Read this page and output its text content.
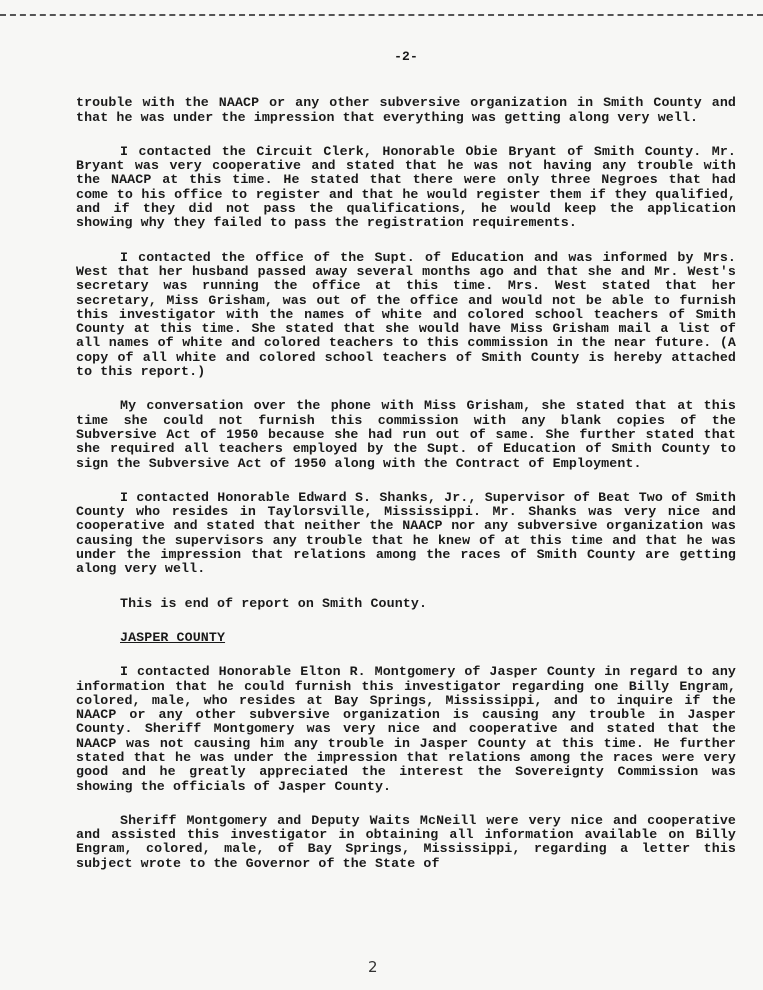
-2-

trouble with the NAACP or any other subversive organization in Smith County and that he was under the impression that everything was getting along very well.

I contacted the Circuit Clerk, Honorable Obie Bryant of Smith County. Mr. Bryant was very cooperative and stated that he was not having any trouble with the NAACP at this time. He stated that there were only three Negroes that had come to his office to register and that he would register them if they qualified, and if they did not pass the qualifications, he would keep the application showing why they failed to pass the registration requirements.

I contacted the office of the Supt. of Education and was informed by Mrs. West that her husband passed away several months ago and that she and Mr. West's secretary was running the office at this time. Mrs. West stated that her secretary, Miss Grisham, was out of the office and would not be able to furnish this investigator with the names of white and colored school teachers of Smith County at this time. She stated that she would have Miss Grisham mail a list of all names of white and colored teachers to this commission in the near future. (A copy of all white and colored school teachers of Smith County is hereby attached to this report.)

My conversation over the phone with Miss Grisham, she stated that at this time she could not furnish this commission with any blank copies of the Subversive Act of 1950 because she had run out of same. She further stated that she required all teachers employed by the Supt. of Education of Smith County to sign the Subversive Act of 1950 along with the Contract of Employment.

I contacted Honorable Edward S. Shanks, Jr., Supervisor of Beat Two of Smith County who resides in Taylorsville, Mississippi. Mr. Shanks was very nice and cooperative and stated that neither the NAACP nor any subversive organization was causing the supervisors any trouble that he knew of at this time and that he was under the impression that relations among the races of Smith County are getting along very well.

This is end of report on Smith County.

JASPER COUNTY

I contacted Honorable Elton R. Montgomery of Jasper County in regard to any information that he could furnish this investigator regarding one Billy Engram, colored, male, who resides at Bay Springs, Mississippi, and to inquire if the NAACP or any other subversive organization is causing any trouble in Jasper County. Sheriff Montgomery was very nice and cooperative and stated that the NAACP was not causing him any trouble in Jasper County at this time. He further stated that he was under the impression that relations among the races were very good and he greatly appreciated the interest the Sovereignty Commission was showing the officials of Jasper County.

Sheriff Montgomery and Deputy Waits McNeill were very nice and cooperative and assisted this investigator in obtaining all information available on Billy Engram, colored, male, of Bay Springs, Mississippi, regarding a letter this subject wrote to the Governor of the State of

2
